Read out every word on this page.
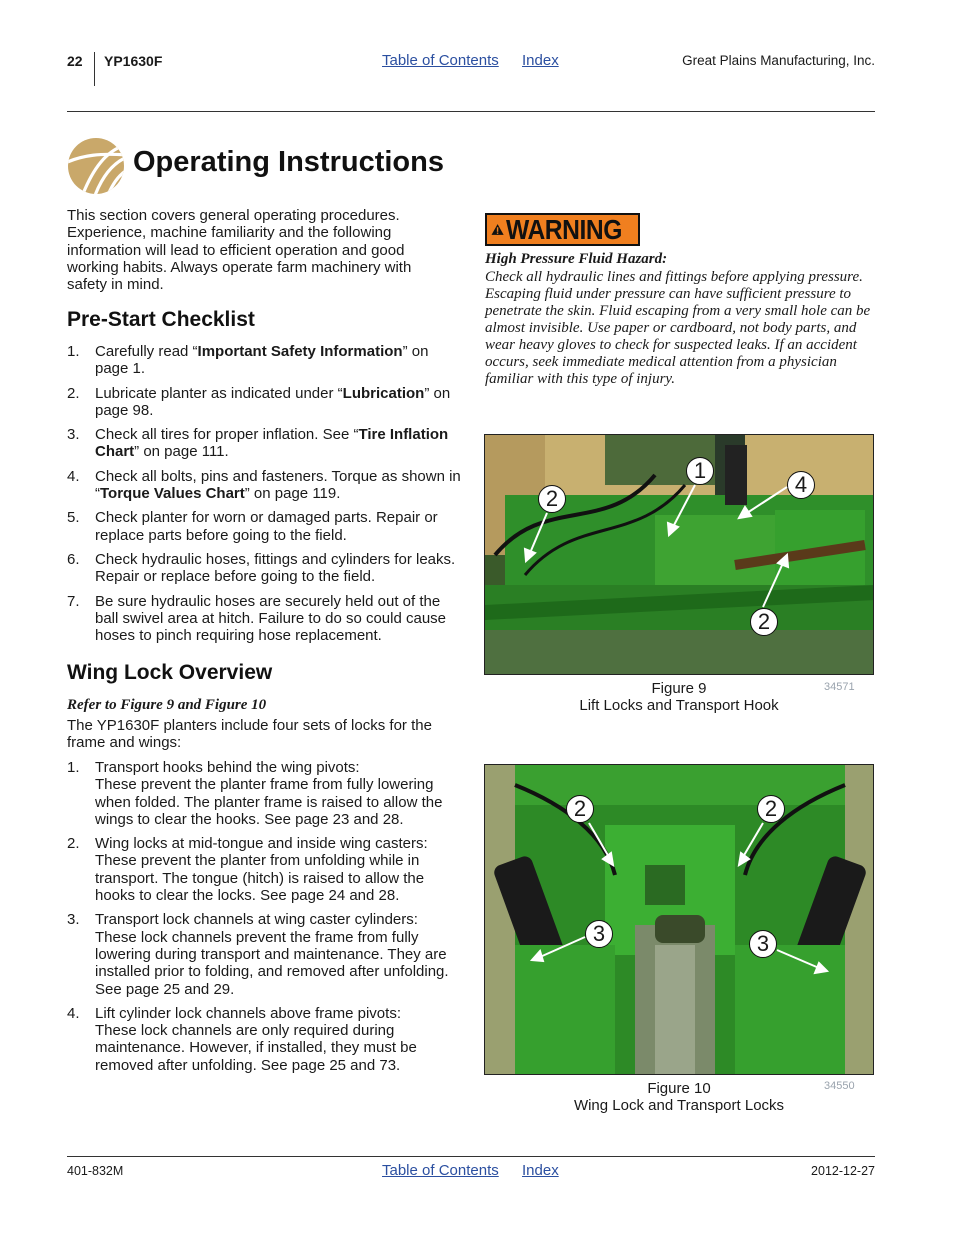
22 YP1630F	Table of Contents Index	Great Plains Manufacturing, Inc.
Operating Instructions
This section covers general operating procedures. Experience, machine familiarity and the following information will lead to efficient operation and good working habits. Always operate farm machinery with safety in mind.
Pre-Start Checklist
1. Carefully read “Important Safety Information” on page 1.
2. Lubricate planter as indicated under “Lubrication” on page 98.
3. Check all tires for proper inflation. See “Tire Inflation Chart” on page 111.
4. Check all bolts, pins and fasteners. Torque as shown in “Torque Values Chart” on page 119.
5. Check planter for worn or damaged parts. Repair or replace parts before going to the field.
6. Check hydraulic hoses, fittings and cylinders for leaks. Repair or replace before going to the field.
7. Be sure hydraulic hoses are securely held out of the ball swivel area at hitch. Failure to do so could cause hoses to pinch requiring hose replacement.
Wing Lock Overview
Refer to Figure 9 and Figure 10
The YP1630F planters include four sets of locks for the frame and wings:
1. Transport hooks behind the wing pivots:
These prevent the planter frame from fully lowering when folded. The planter frame is raised to allow the wings to clear the hooks. See page 23 and 28.
2. Wing locks at mid-tongue and inside wing casters:
These prevent the planter from unfolding while in transport. The tongue (hitch) is raised to allow the hooks to clear the locks. See page 24 and 28.
3. Transport lock channels at wing caster cylinders:
These lock channels prevent the frame from fully lowering during transport and maintenance. They are installed prior to folding, and removed after unfolding. See page 25 and 29.
4. Lift cylinder lock channels above frame pivots:
These lock channels are only required during maintenance. However, if installed, they must be removed after unfolding. See page 25 and 73.
WARNING
High Pressure Fluid Hazard:
Check all hydraulic lines and fittings before applying pressure. Escaping fluid under pressure can have sufficient pressure to penetrate the skin. Fluid escaping from a very small hole can be almost invisible. Use paper or cardboard, not body parts, and wear heavy gloves to check for suspected leaks. If an accident occurs, seek immediate medical attention from a physician familiar with this type of injury.
1
2
4
2
Figure 9
Lift Locks and Transport Hook
34571
2	2
3	3
Figure 10
Wing Lock and Transport Locks
34550
401-832M	Table of Contents Index	2012-12-27
